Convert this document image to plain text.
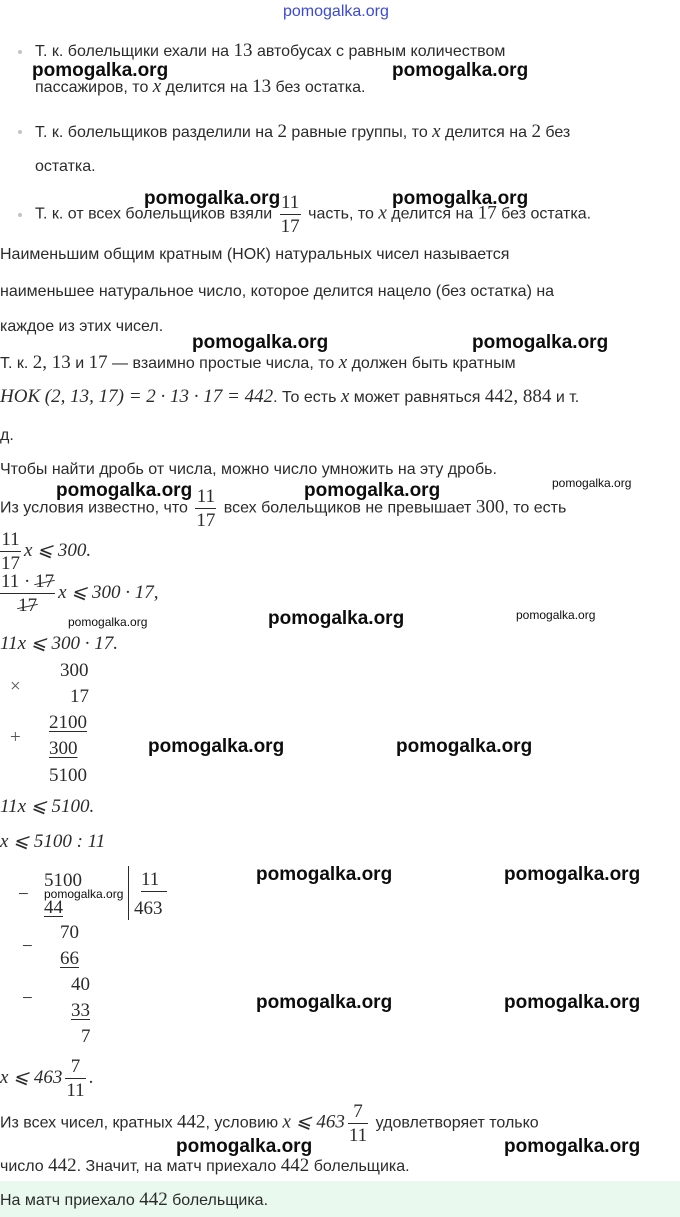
pomogalka.org
Т. к. болельщики ехали на 13 автобусах с равным количеством
пассажиров, то x делится на 13 без остатка.
Т. к. болельщиков разделили на 2 равные группы, то x делится на 2 без
остатка.
Т. к. от всех болельщиков взяли $\frac{11}{17}$ часть, то x делится на 17 без остатка.
Наименьшим общим кратным (НОК) натуральных чисел называется
наименьшее натуральное число, которое делится нацело (без остатка) на
каждое из этих чисел.
Т. к. 2, 13 и 17 — взаимно простые числа, то x должен быть кратным
НОК (2, 13, 17) = 2 · 13 · 17 = 442. То есть x может равняться 442, 884 и т.
д.
Чтобы найти дробь от числа, можно число умножить на эту дробь.
Из условия известно, что $\frac{11}{17}$ всех болельщиков не превышает 300, то есть
$\frac{11}{17}$ x ⩽ 300.
$\frac{11 \cdot 17}{17}$ x ⩽ 300 · 17,
11x ⩽ 300 · 17.
×
300
17
2100
+
300
5100
11x ⩽ 5100.
x ⩽ 5100 : 11
−
5100
44
11
463
−
70
66
−
40
33
7
x ⩽ $463 \frac{7}{11}$ .
Из всех чисел, кратных 442, условию x ⩽ $463 \frac{7}{11}$ удовлетворяет только
число 442. Значит, на матч приехало 442 болельщика.
На матч приехало 442 болельщика.
pomogalka.org	pomogalka.org
pomogalka.org	pomogalka.org
pomogalka.org	pomogalka.org
pomogalka.org	pomogalka.org	pomogalka.org
pomogalka.org
pomogalka.org	pomogalka.org
pomogalka.org	pomogalka.org
pomogalka.org	pomogalka.org
pomogalka.org
pomogalka.org	pomogalka.org
pomogalka.org	pomogalka.org
